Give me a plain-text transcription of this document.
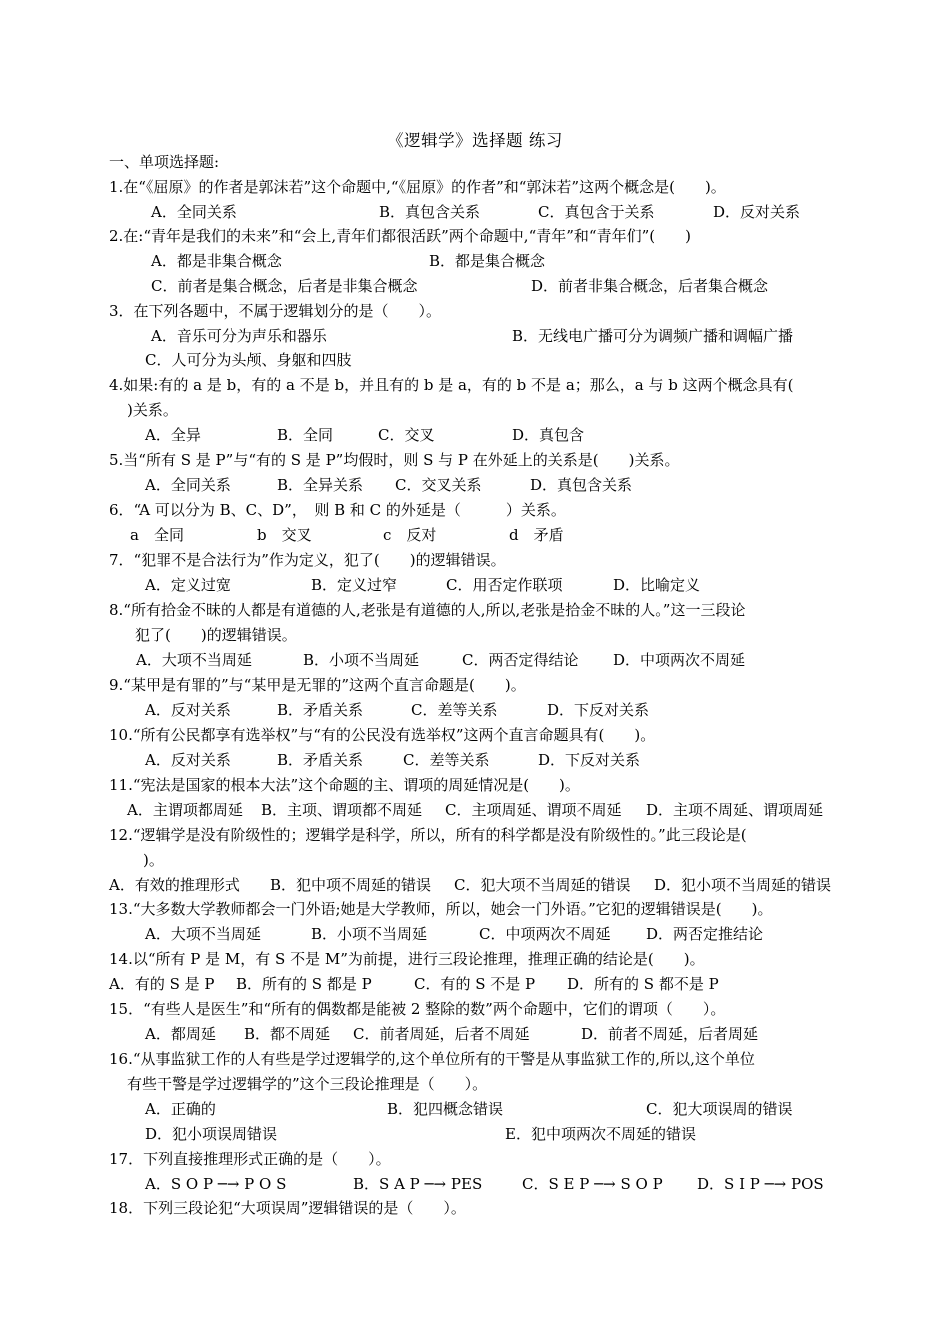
《逻辑学》选择题 练习
一、单项选择题:
1.在“《屈原》的作者是郭沫若”这个命题中,“《屈原》的作者”和“郭沫若”这两个概念是(　　)。
A．全同关系	B．真包含关系	C．真包含于关系	D．反对关系
2.在:“青年是我们的未来”和“会上,青年们都很活跃”两个命题中,“青年”和“青年们”(　　)
A．都是非集合概念	B．都是集合概念
C．前者是集合概念，后者是非集合概念	D．前者非集合概念，后者集合概念
3．在下列各题中，不属于逻辑划分的是（　　）。
A．音乐可分为声乐和器乐	B．无线电广播可分为调频广播和调幅广播
C．人可分为头颅、身躯和四肢
4.如果:有的 a 是 b，有的 a 不是 b，并且有的 b 是 a，有的 b 不是 a；那么，a 与 b 这两个概念具有(
)关系。
A．全异	B．全同	C．交叉	D．真包含
5.当“所有 S 是 P”与“有的 S 是 P”均假时，则 S 与 P 在外延上的关系是(　　)关系。
A．全同关系	B．全异关系 C．交叉关系	D．真包含关系
6．“A 可以分为 B、C、D”，　则 B 和 C 的外延是（　　　）关系。
a　全同	b　交叉	c　反对	d　矛盾
7．“犯罪不是合法行为”作为定义，犯了(　　)的逻辑错误。
A．定义过宽	B．定义过窄	C．用否定作联项	D．比喻定义
8.“所有拾金不昧的人都是有道德的人,老张是有道德的人,所以,老张是拾金不昧的人。”这一三段论
犯了(　　)的逻辑错误。
A．大项不当周延	B．小项不当周延	C．两否定得结论 D．中项两次不周延
9.“某甲是有罪的”与“某甲是无罪的”这两个直言命题是(　　)。
A．反对关系	B．矛盾关系	C．差等关系	D．下反对关系
10.“所有公民都享有选举权”与“有的公民没有选举权”这两个直言命题具有(　　)。
A．反对关系	B．矛盾关系	C．差等关系	D．下反对关系
11.“宪法是国家的根本大法”这个命题的主、谓项的周延情况是(　　)。
A．主谓项都周延 B．主项、谓项都不周延 C．主项周延、谓项不周延 D．主项不周延、谓项周延
12.“逻辑学是没有阶级性的；逻辑学是科学，所以，所有的科学都是没有阶级性的。”此三段论是(
)。
A．有效的推理形式 B．犯中项不周延的错误 C．犯大项不当周延的错误 D．犯小项不当周延的错误
13.“大多数大学教师都会一门外语;她是大学教师，所以，她会一门外语。”它犯的逻辑错误是(　　)。
A．大项不当周延	B．小项不当周延	C．中项两次不周延 D．两否定推结论
14.以“所有 P 是 M，有 S 不是 M”为前提，进行三段论推理，推理正确的结论是(　　)。
A．有的 S 是 P B．所有的 S 都是 P	C．有的 S 不是 P D．所有的 S 都不是 P
15．“有些人是医生”和“所有的偶数都是能被 2 整除的数”两个命题中，它们的谓项（　　）。
A．都周延 B．都不周延 C．前者周延，后者不周延	D．前者不周延，后者周延
16.“从事监狱工作的人有些是学过逻辑学的,这个单位所有的干警是从事监狱工作的,所以,这个单位
有些干警是学过逻辑学的”这个三段论推理是（　　）。
A．正确的	B．犯四概念错误	C．犯大项误周的错误
D．犯小项误周错误	E．犯中项两次不周延的错误
17．下列直接推理形式正确的是（　　）。
A．S O P ─→ P O S	B．S A P ─→ PES	C．S E P ─→ S O P D．S I P ─→ POS
18．下列三段论犯“大项误周”逻辑错误的是（　　）。
